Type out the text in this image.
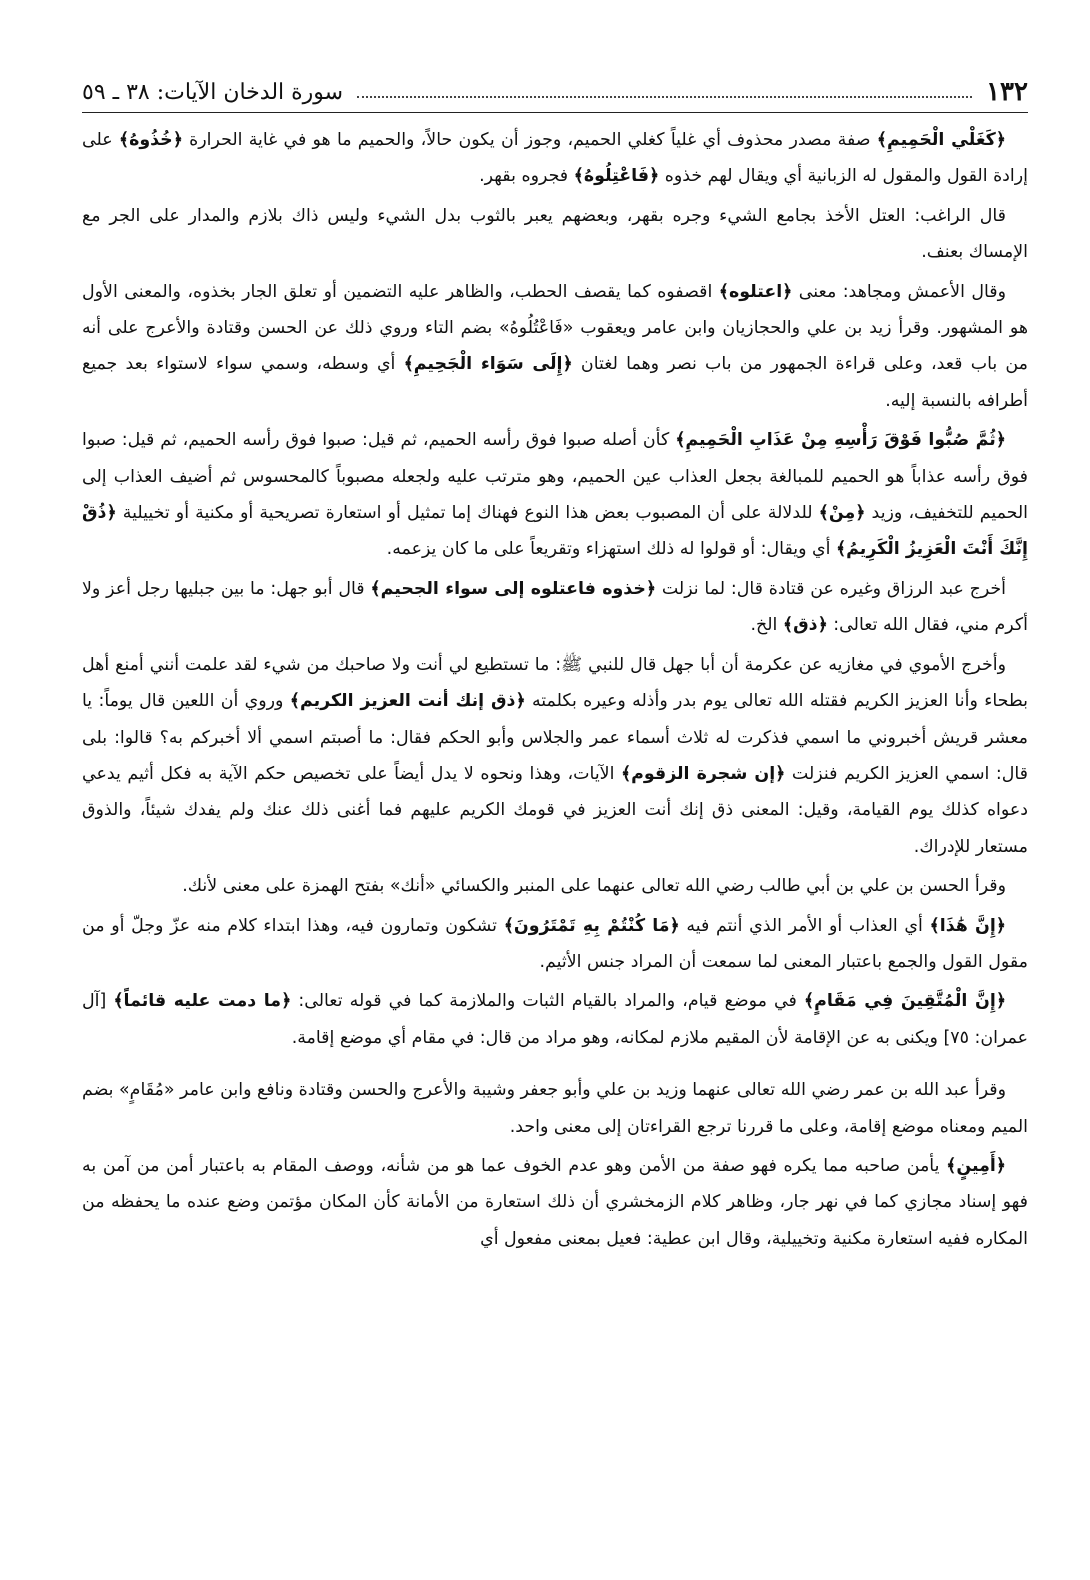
١٣٢
سورة الدخان الآيات: ٣٨ ـ ٥٩

﴿كَغَلْي الْحَمِيمِ﴾ صفة مصدر محذوف أي غلياً كغلي الحميم، وجوز أن يكون حالاً، والحميم ما هو في غاية الحرارة ﴿خُذُوهُ﴾ على إرادة القول والمقول له الزبانية أي ويقال لهم خذوه ﴿فَاعْتِلُوهُ﴾ فجروه بقهر.

قال الراغب: العتل الأخذ بجامع الشيء وجره بقهر، وبعضهم يعبر بالثوب بدل الشيء وليس ذاك بلازم والمدار على الجر مع الإمساك بعنف.

وقال الأعمش ومجاهد: معنى ﴿اعتلوه﴾ اقصفوه كما يقصف الحطب، والظاهر عليه التضمين أو تعلق الجار بخذوه، والمعنى الأول هو المشهور. وقرأ زيد بن علي والحجازيان وابن عامر ويعقوب «فَاعْتُلُوهُ» بضم التاء وروي ذلك عن الحسن وقتادة والأعرج على أنه من باب قعد، وعلى قراءة الجمهور من باب نصر وهما لغتان ﴿إِلَى سَوَاء الْجَحِيمِ﴾ أي وسطه، وسمي سواء لاستواء بعد جميع أطرافه بالنسبة إليه.

﴿ثُمَّ صُبُّوا فَوْقَ رَأْسِهِ مِنْ عَذَابِ الْحَمِيمِ﴾ كأن أصله صبوا فوق رأسه الحميم، ثم قيل: صبوا فوق رأسه الحميم، ثم قيل: صبوا فوق رأسه عذاباً هو الحميم للمبالغة بجعل العذاب عين الحميم، وهو مترتب عليه ولجعله مصبوباً كالمحسوس ثم أضيف العذاب إلى الحميم للتخفيف، وزيد ﴿مِنْ﴾ للدلالة على أن المصبوب بعض هذا النوع فهناك إما تمثيل أو استعارة تصريحية أو مكنية أو تخييلية ﴿ذُقْ إِنَّكَ أَنْتَ الْعَزِيزُ الْكَرِيمُ﴾ أي ويقال: أو قولوا له ذلك استهزاء وتقريعاً على ما كان يزعمه.

أخرج عبد الرزاق وغيره عن قتادة قال: لما نزلت ﴿خذوه فاعتلوه إلى سواء الجحيم﴾ قال أبو جهل: ما بين جبليها رجل أعز ولا أكرم مني، فقال الله تعالى: ﴿ذق﴾ الخ.

وأخرج الأموي في مغازيه عن عكرمة أن أبا جهل قال للنبي ﷺ: ما تستطيع لي أنت ولا صاحبك من شيء لقد علمت أنني أمنع أهل بطحاء وأنا العزيز الكريم فقتله الله تعالى يوم بدر وأذله وعيره بكلمته ﴿ذق إنك أنت العزيز الكريم﴾ وروي أن اللعين قال يوماً: يا معشر قريش أخبروني ما اسمي فذكرت له ثلاث أسماء عمر والجلاس وأبو الحكم فقال: ما أصبتم اسمي ألا أخبركم به؟ قالوا: بلى قال: اسمي العزيز الكريم فنزلت ﴿إن شجرة الزقوم﴾ الآيات، وهذا ونحوه لا يدل أيضاً على تخصيص حكم الآية به فكل أثيم يدعي دعواه كذلك يوم القيامة، وقيل: المعنى ذق إنك أنت العزيز في قومك الكريم عليهم فما أغنى ذلك عنك ولم يفدك شيئاً، والذوق مستعار للإدراك.

وقرأ الحسن بن علي بن أبي طالب رضي الله تعالى عنهما على المنبر والكسائي «أنك» بفتح الهمزة على معنى لأنك.

﴿إِنَّ هَٰذَا﴾ أي العذاب أو الأمر الذي أنتم فيه ﴿مَا كُنْتُمْ بِهِ تَمْتَرُونَ﴾ تشكون وتمارون فيه، وهذا ابتداء كلام منه عزّ وجلّ أو من مقول القول والجمع باعتبار المعنى لما سمعت أن المراد جنس الأثيم.

﴿إِنَّ الْمُتَّقِينَ فِي مَقَامٍ﴾ في موضع قيام، والمراد بالقيام الثبات والملازمة كما في قوله تعالى: ﴿ما دمت عليه قائماً﴾ [آل عمران: ٧٥] ويكنى به عن الإقامة لأن المقيم ملازم لمكانه، وهو مراد من قال: في مقام أي موضع إقامة.

وقرأ عبد الله بن عمر رضي الله تعالى عنهما وزيد بن علي وأبو جعفر وشيبة والأعرج والحسن وقتادة ونافع وابن عامر «مُقَامٍ» بضم الميم ومعناه موضع إقامة، وعلى ما قررنا ترجع القراءتان إلى معنى واحد.

﴿أَمِينٍ﴾ يأمن صاحبه مما يكره فهو صفة من الأمن وهو عدم الخوف عما هو من شأنه، ووصف المقام به باعتبار أمن من آمن به فهو إسناد مجازي كما في نهر جار، وظاهر كلام الزمخشري أن ذلك استعارة من الأمانة كأن المكان مؤتمن وضع عنده ما يحفظه من المكاره ففيه استعارة مكنية وتخييلية، وقال ابن عطية: فعيل بمعنى مفعول أي
